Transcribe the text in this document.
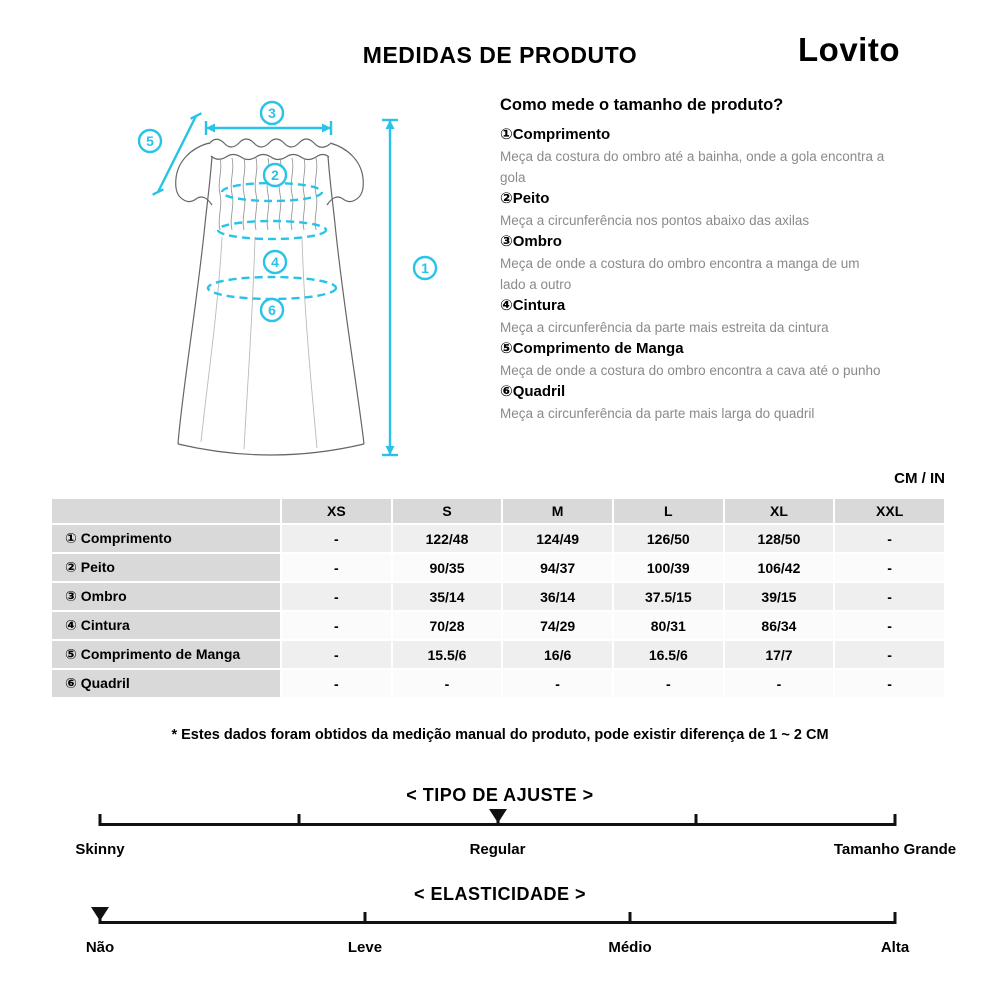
MEDIDAS DE PRODUTO	Lovito
3
5
2
4
6
1
Como mede o tamanho de produto?
①Comprimento
Meça da costura do ombro até a bainha, onde a gola encontra a gola
②Peito
Meça a circunferência nos pontos abaixo das axilas
③Ombro
Meça de onde a costura do ombro encontra a manga de um lado a outro
④Cintura
Meça a circunferência da parte mais estreita da cintura
⑤Comprimento de Manga
Meça de onde a costura do ombro encontra a cava até o punho
⑥Quadril
Meça a circunferência da parte mais larga do quadril
CM / IN
	XS	S	M	L	XL	XXL
① Comprimento	-	122/48	124/49	126/50	128/50	-
② Peito	-	90/35	94/37	100/39	106/42	-
③ Ombro	-	35/14	36/14	37.5/15	39/15	-
④ Cintura	-	70/28	74/29	80/31	86/34	-
⑤ Comprimento de Manga	-	15.5/6	16/6	16.5/6	17/7	-
⑥ Quadril	-	-	-	-	-	-
* Estes dados foram obtidos da medição manual do produto, pode existir diferença de 1 ~ 2 CM
< TIPO DE AJUSTE >
Skinny	Regular	Tamanho Grande
< ELASTICIDADE >
Não	Leve	Médio	Alta
